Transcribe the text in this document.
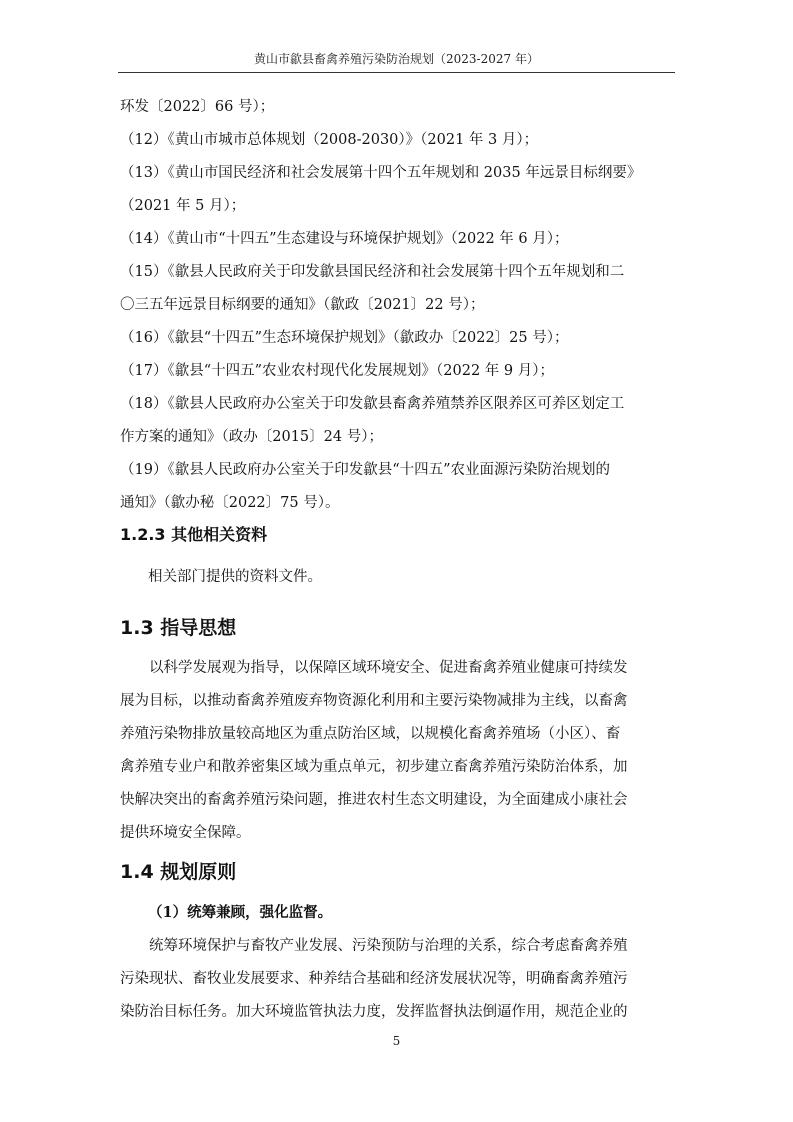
黄山市歙县畜禽养殖污染防治规划（2023-2027 年）
环发〔2022〕66 号）；
（12）《黄山市城市总体规划（2008-2030）》（2021 年 3 月）；
（13）《黄山市国民经济和社会发展第十四个五年规划和 2035 年远景目标纲要》
（2021 年 5 月）；
（14）《黄山市“十四五”生态建设与环境保护规划》（2022 年 6 月）；
（15）《歙县人民政府关于印发歙县国民经济和社会发展第十四个五年规划和二
〇三五年远景目标纲要的通知》（歙政〔2021〕22 号）；
（16）《歙县“十四五”生态环境保护规划》（歙政办〔2022〕25 号）；
（17）《歙县“十四五”农业农村现代化发展规划》（2022 年 9 月）；
（18）《歙县人民政府办公室关于印发歙县畜禽养殖禁养区限养区可养区划定工
作方案的通知》（政办〔2015〕24 号）；
（19）《歙县人民政府办公室关于印发歙县“十四五”农业面源污染防治规划的
通知》（歙办秘〔2022〕75 号）。
1.2.3 其他相关资料
相关部门提供的资料文件。
1.3 指导思想
以科学发展观为指导，以保障区域环境安全、促进畜禽养殖业健康可持续发
展为目标，以推动畜禽养殖废弃物资源化利用和主要污染物减排为主线，以畜禽
养殖污染物排放量较高地区为重点防治区域，以规模化畜禽养殖场（小区）、畜
禽养殖专业户和散养密集区域为重点单元，初步建立畜禽养殖污染防治体系，加
快解决突出的畜禽养殖污染问题，推进农村生态文明建设，为全面建成小康社会
提供环境安全保障。
1.4 规划原则
（1）统筹兼顾，强化监督。
统筹环境保护与畜牧产业发展、污染预防与治理的关系，综合考虑畜禽养殖
污染现状、畜牧业发展要求、种养结合基础和经济发展状况等，明确畜禽养殖污
染防治目标任务。加大环境监管执法力度，发挥监督执法倒逼作用，规范企业的
5
